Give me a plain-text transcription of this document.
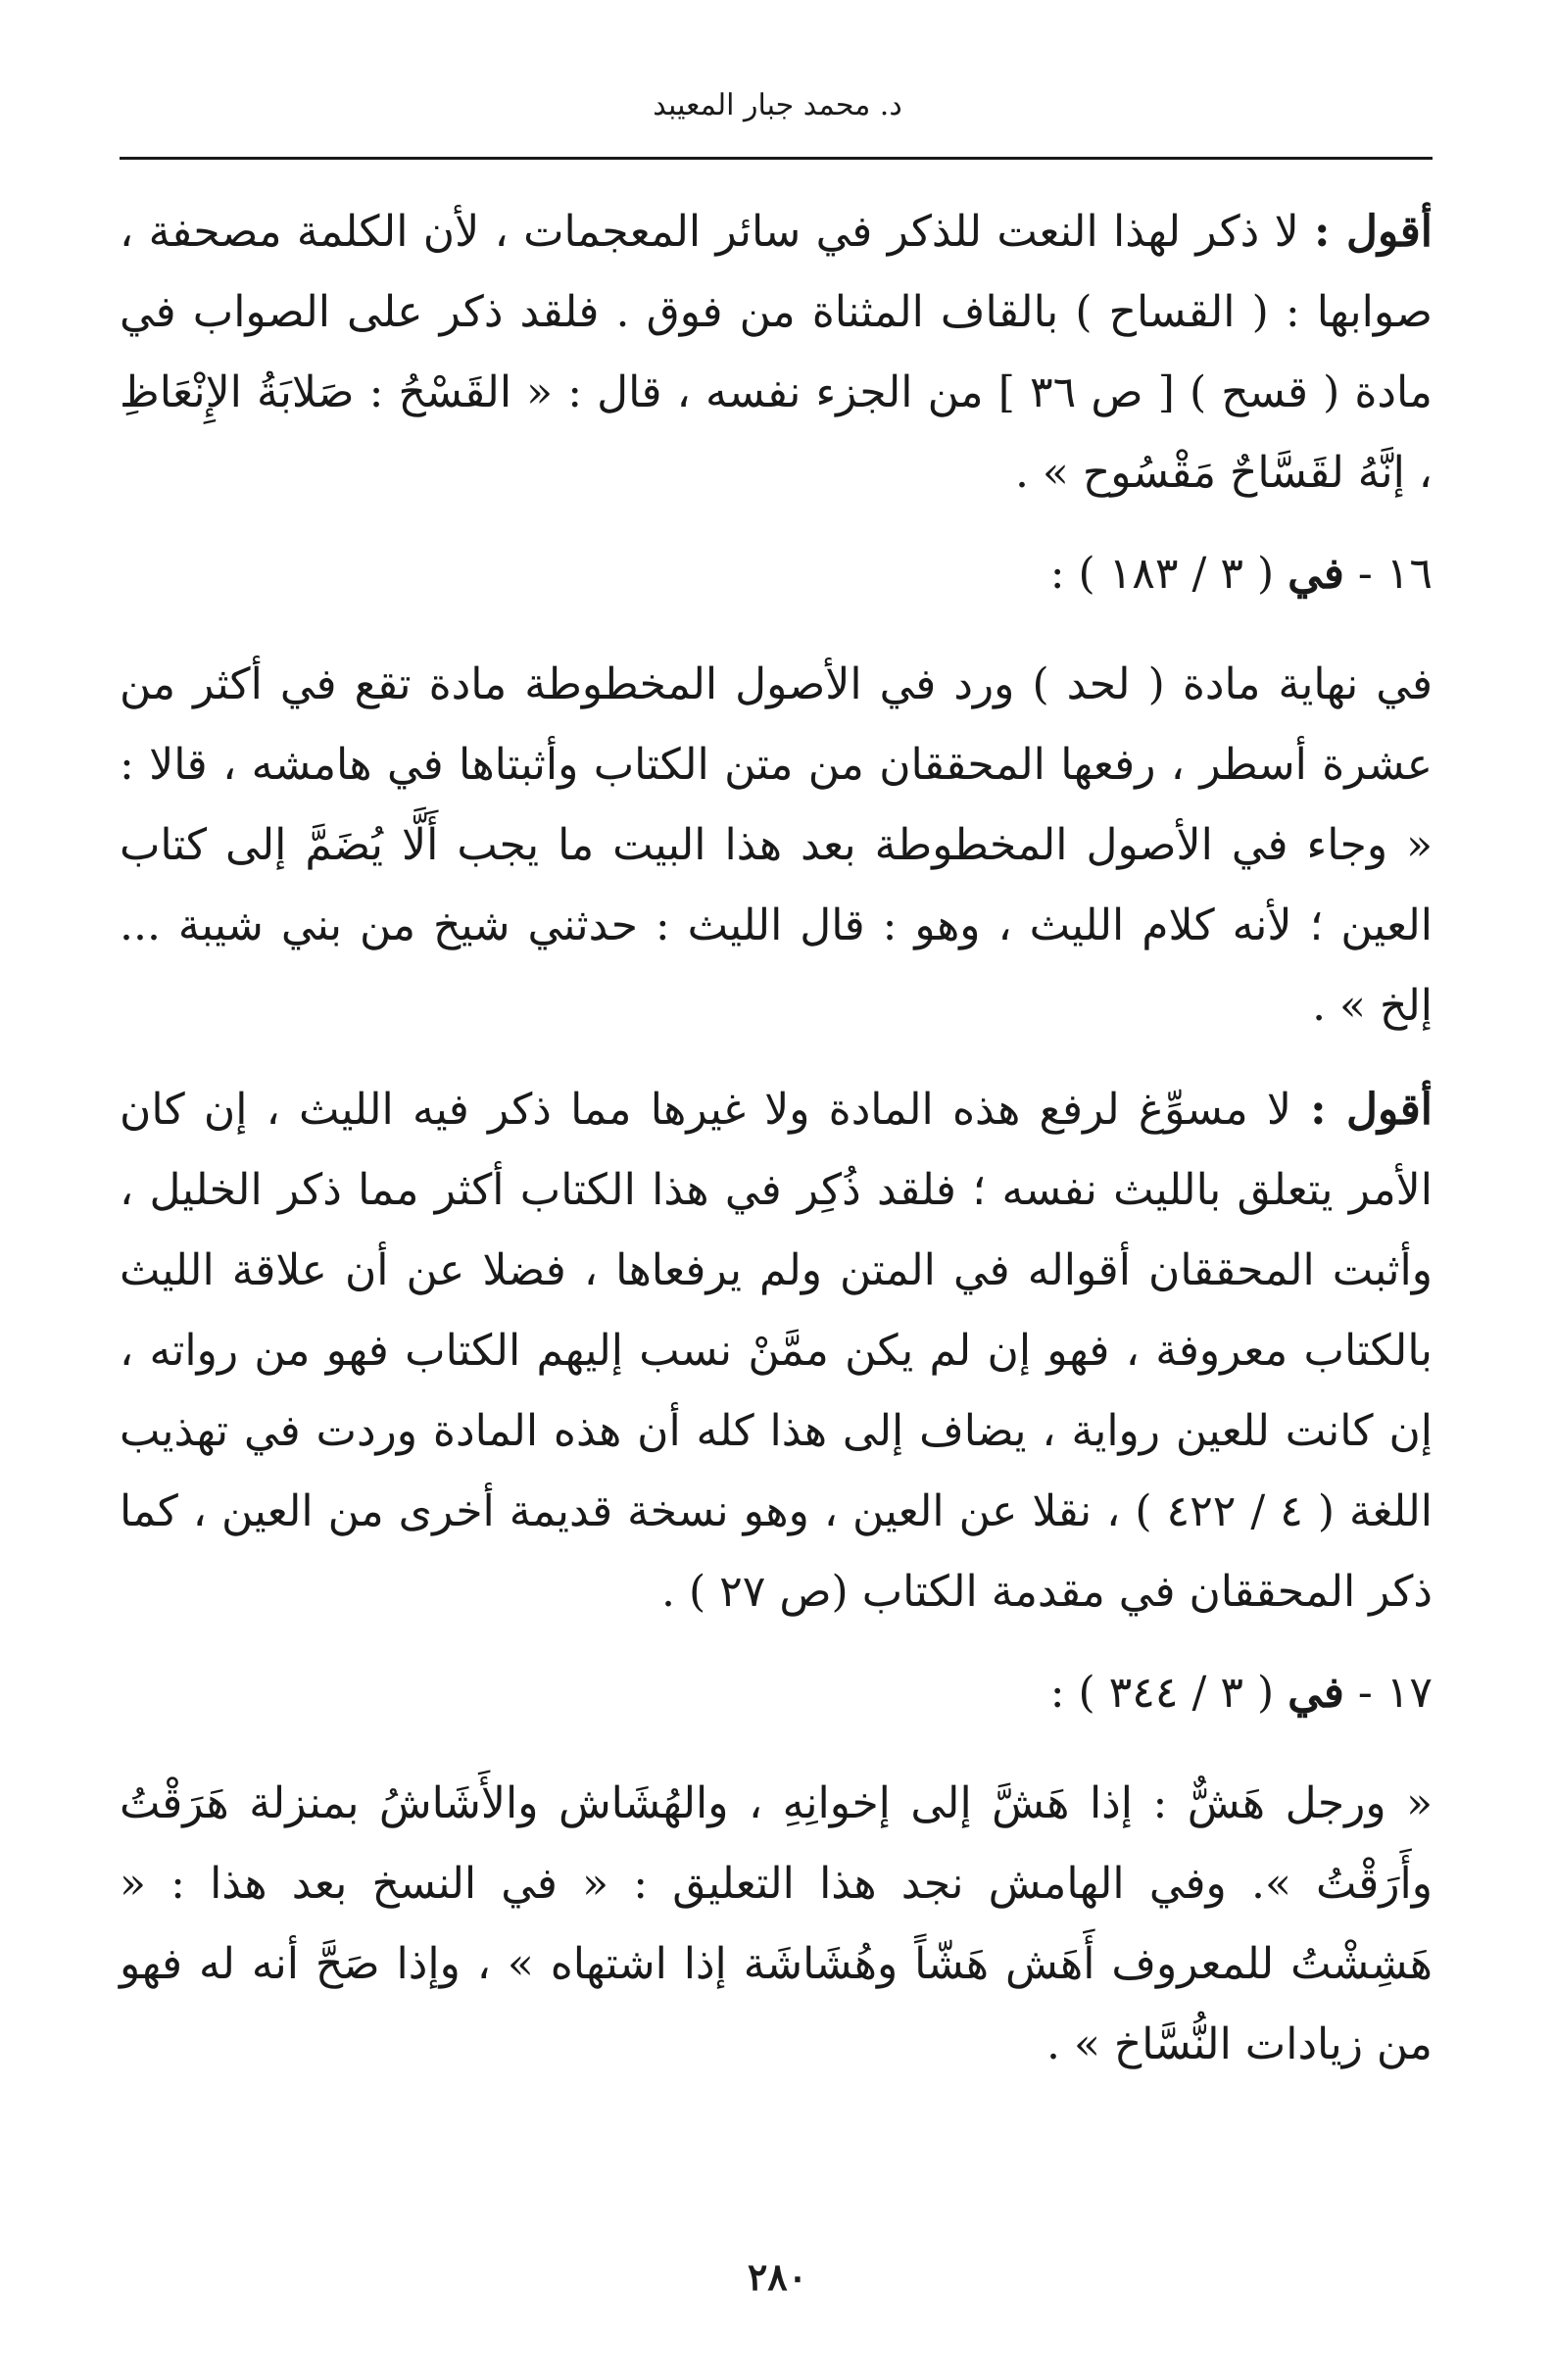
د. محمد جبار المعيبد

أقول : لا ذكر لهذا النعت للذكر في سائر المعجمات ، لأن الكلمة مصحفة ، صوابها : ( القساح ) بالقاف المثناة من فوق . فلقد ذكر على الصواب في مادة ( قسح ) [ ص ٣٦ ] من الجزء نفسه ، قال : « القَسْحُ : صَلابَةُ الإِنْعَاظِ ، إنَّهُ لقَسَّاحٌ مَقْسُوح » .

١٦ - في ( ٣ / ١٨٣ ) :

في نهاية مادة ( لحد ) ورد في الأصول المخطوطة مادة تقع في أكثر من عشرة أسطر ، رفعها المحققان من متن الكتاب وأثبتاها في هامشه ، قالا : « وجاء في الأصول المخطوطة بعد هذا البيت ما يجب أَلَّا يُضَمَّ إلى كتاب العين ؛ لأنه كلام الليث ، وهو : قال الليث : حدثني شيخ من بني شيبة ... إلخ » .

أقول : لا مسوِّغ لرفع هذه المادة ولا غيرها مما ذكر فيه الليث ، إن كان الأمر يتعلق بالليث نفسه ؛ فلقد ذُكِر في هذا الكتاب أكثر مما ذكر الخليل ، وأثبت المحققان أقواله في المتن ولم يرفعاها ، فضلا عن أن علاقة الليث بالكتاب معروفة ، فهو إن لم يكن ممَّنْ نسب إليهم الكتاب فهو من رواته ، إن كانت للعين رواية ، يضاف إلى هذا كله أن هذه المادة وردت في تهذيب اللغة ( ٤ / ٤٢٢ ) ، نقلا عن العين ، وهو نسخة قديمة أخرى من العين ، كما ذكر المحققان في مقدمة الكتاب (ص ٢٧ ) .

١٧ - في ( ٣ / ٣٤٤ ) :

« ورجل هَشٌّ : إذا هَشَّ إلى إخوانِهِ ، والهُشَاش والأَشَاشُ بمنزلة هَرَقْتُ وأَرَقْتُ ». وفي الهامش نجد هذا التعليق : « في النسخ بعد هذا : « هَشِشْتُ للمعروف أَهَش هَشّاً وهُشَاشَة إذا اشتهاه » ، وإذا صَحَّ أنه له فهو من زيادات النُّسَّاخ » .

٢٨٠
